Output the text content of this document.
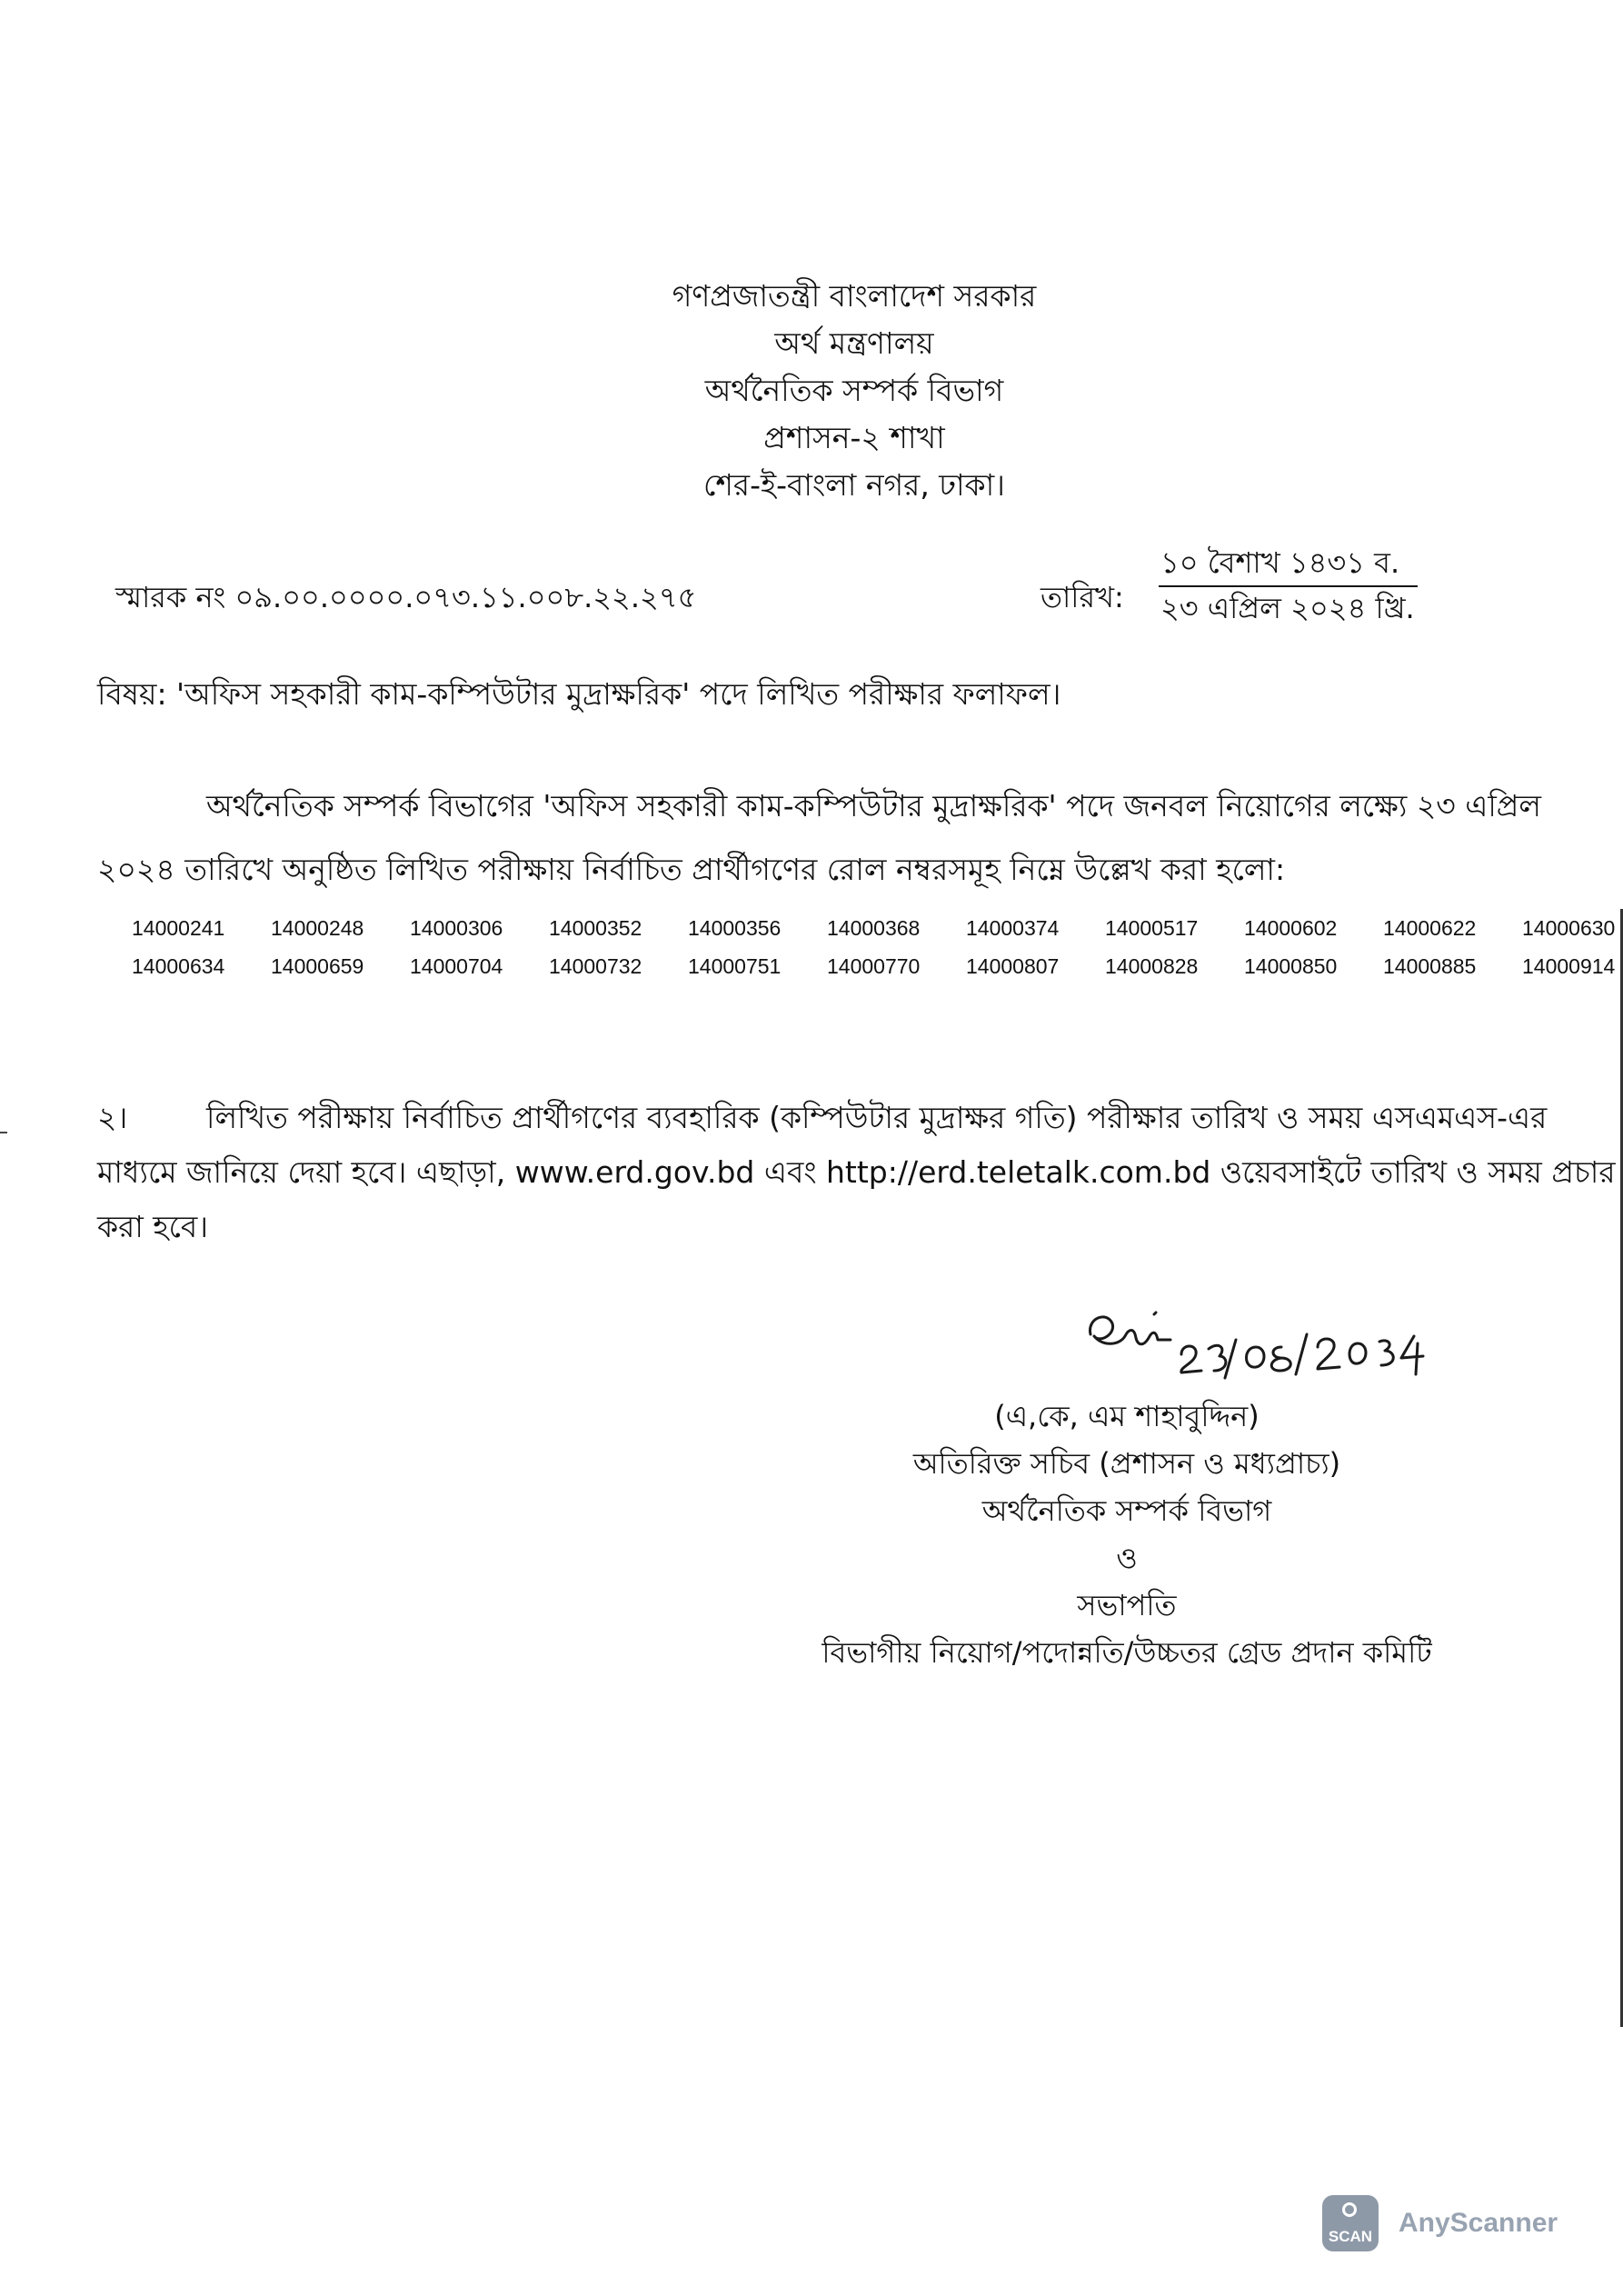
গণপ্রজাতন্ত্রী বাংলাদেশ সরকার
অর্থ মন্ত্রণালয়
অর্থনৈতিক সম্পর্ক বিভাগ
প্রশাসন-২ শাখা
শের-ই-বাংলা নগর, ঢাকা।
স্মারক নং ০৯.০০.০০০০.০৭৩.১১.০০৮.২২.২৭৫	তারিখ:
১০ বৈশাখ ১৪৩১ ব.
২৩ এপ্রিল ২০২৪ খ্রি.
বিষয়: 'অফিস সহকারী কাম-কম্পিউটার মুদ্রাক্ষরিক' পদে লিখিত পরীক্ষার ফলাফল।
অর্থনৈতিক সম্পর্ক বিভাগের 'অফিস সহকারী কাম-কম্পিউটার মুদ্রাক্ষরিক' পদে জনবল নিয়োগের লক্ষ্যে ২৩ এপ্রিল
২০২৪ তারিখে অনুষ্ঠিত লিখিত পরীক্ষায় নির্বাচিত প্রার্থীগণের রোল নম্বরসমূহ নিম্নে উল্লেখ করা হলো:
14000241	14000248	14000306	14000352	14000356	14000368	14000374	14000517	14000602	14000622	14000630
14000634	14000659	14000704	14000732	14000751	14000770	14000807	14000828	14000850	14000885	14000914
২।	লিখিত পরীক্ষায় নির্বাচিত প্রার্থীগণের ব্যবহারিক (কম্পিউটার মুদ্রাক্ষর গতি) পরীক্ষার তারিখ ও সময় এসএমএস-এর
মাধ্যমে জানিয়ে দেয়া হবে। এছাড়া, www.erd.gov.bd এবং http://erd.teletalk.com.bd ওয়েবসাইটে তারিখ ও সময় প্রচার
করা হবে।
(এ,কে, এম শাহাবুদ্দিন)
অতিরিক্ত সচিব (প্রশাসন ও মধ্যপ্রাচ্য)
অর্থনৈতিক সম্পর্ক বিভাগ
ও
সভাপতি
বিভাগীয় নিয়োগ/পদোন্নতি/উচ্চতর গ্রেড প্রদান কমিটি
SCAN AnyScanner
